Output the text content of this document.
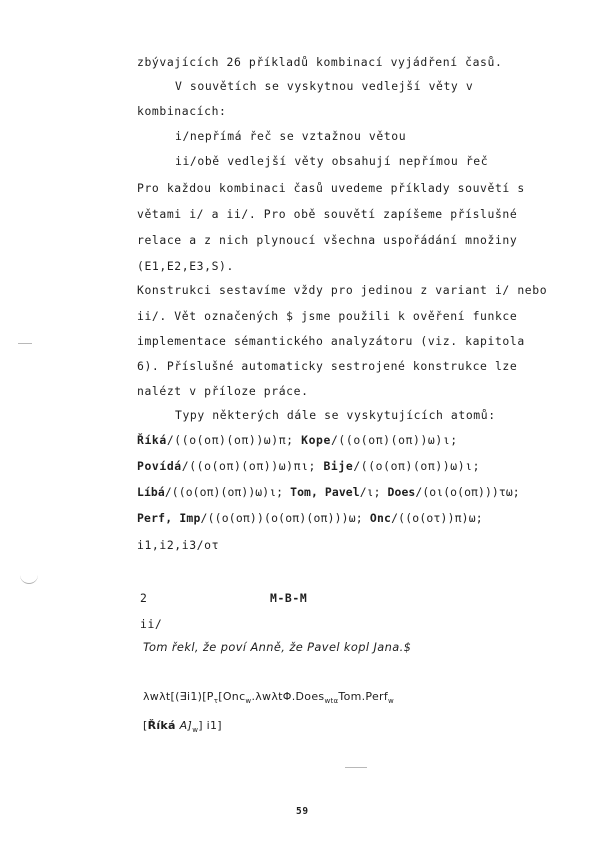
zbývajících 26 příkladů kombinací vyjádření časů.
V souvětích se vyskytnou vedlejší věty v
kombinacích:
i/nepřímá řeč se vztažnou větou
ii/obě vedlejší věty obsahují nepřímou řeč
Pro každou kombinaci časů uvedeme příklady souvětí s
větami i/ a ii/. Pro obě souvětí zapíšeme příslušné
relace a z nich plynoucí všechna uspořádání množiny
(E1,E2,E3,S).
Konstrukci sestavíme vždy pro jedinou z variant i/ nebo
ii/. Vět označených $ jsme použili k ověření funkce
implementace sémantického analyzátoru (viz. kapitola
6). Příslušné automaticky sestrojené konstrukce lze
nalézt v příloze práce.
Typy některých dále se vyskytujících atomů:
Říká/((o(oπ)(oπ))ω)π; Kope/((o(oπ)(oπ))ω)ι;
Povídá/((o(oπ)(oπ))ω)πι; Bije/((o(oπ)(oπ))ω)ι;
Líbá/((o(oπ)(oπ))ω)ι; Tom, Pavel/ι; Does/(oι(o(oπ)))τω;
Perf, Imp/((o(oπ))(o(oπ)(oπ)))ω; Onc/((o(oτ))π)ω;
i1,i2,i3/oτ
2	M-B-M
ii/
Tom řekl, že poví Anně, že Pavel kopl Jana.$
$\lambda w\lambda t[(\exists i1)[P_\tau[Onc_w.\lambda w\lambda t\Phi.Does_{wt\alpha}Tom.Perf_w$
[Říká $A]_w$] i1]
59
